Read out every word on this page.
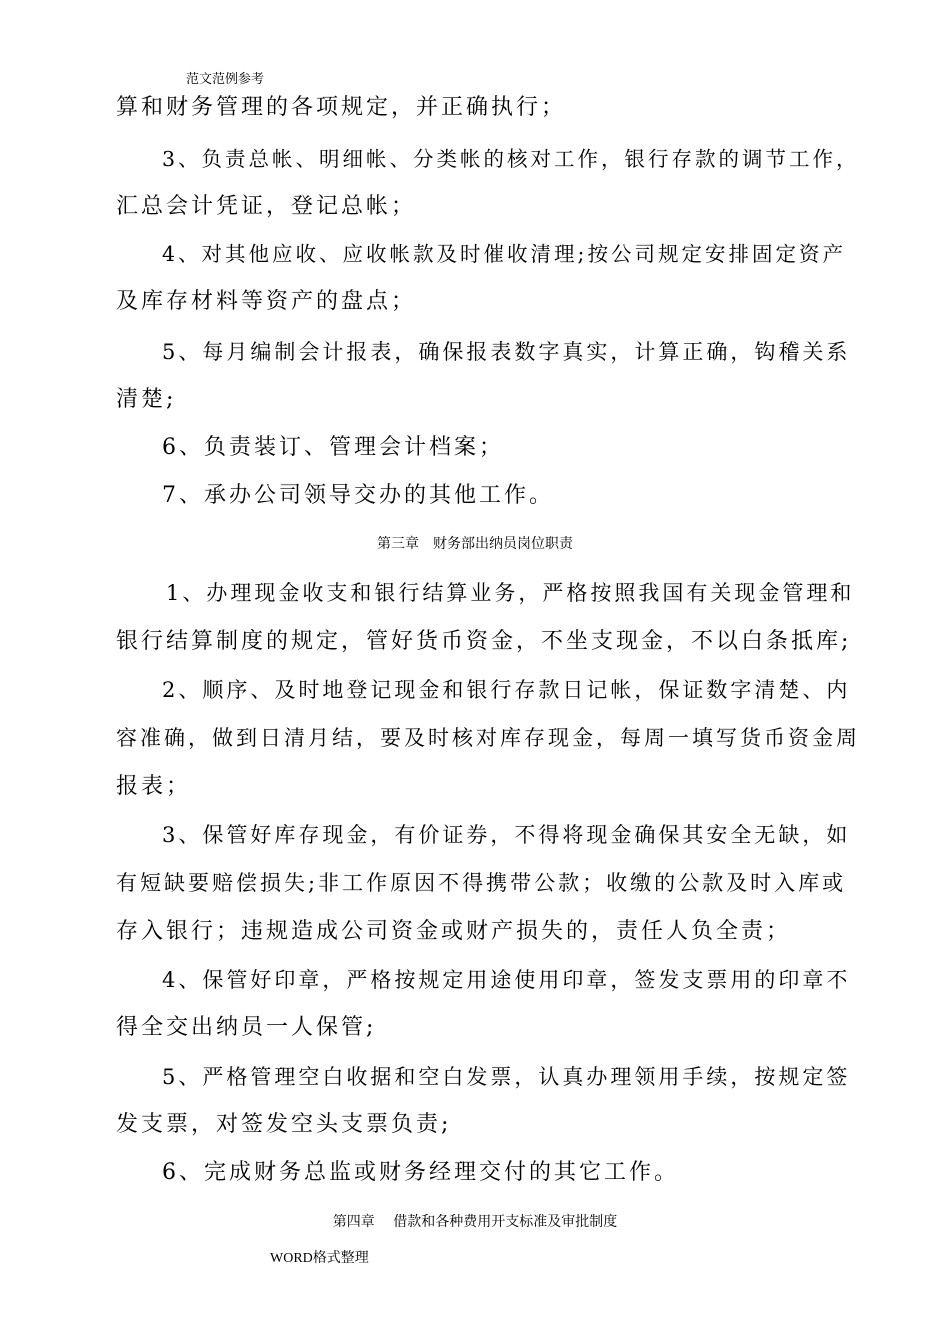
范文范例参考
算和财务管理的各项规定，并正确执行；
3、负责总帐、明细帐、分类帐的核对工作，银行存款的调节工作，
汇总会计凭证，登记总帐；
4、对其他应收、应收帐款及时催收清理;按公司规定安排固定资产
及库存材料等资产的盘点；
5、每月编制会计报表，确保报表数字真实，计算正确，钩稽关系
清楚;
6、负责装订、管理会计档案；
7、承办公司领导交办的其他工作。
第三章　财务部出纳员岗位职责
1、办理现金收支和银行结算业务，严格按照我国有关现金管理和
银行结算制度的规定，管好货币资金，不坐支现金，不以白条抵库;
2、顺序、及时地登记现金和银行存款日记帐，保证数字清楚、内
容准确，做到日清月结，要及时核对库存现金，每周一填写货币资金周
报表；
3、保管好库存现金，有价证券，不得将现金确保其安全无缺，如
有短缺要赔偿损失;非工作原因不得携带公款；收缴的公款及时入库或
存入银行；违规造成公司资金或财产损失的，责任人负全责；
4、保管好印章，严格按规定用途使用印章，签发支票用的印章不
得全交出纳员一人保管;
5、严格管理空白收据和空白发票，认真办理领用手续，按规定签
发支票，对签发空头支票负责;
6、完成财务总监或财务经理交付的其它工作。
第四章　 借款和各种费用开支标准及审批制度
WORD格式整理
